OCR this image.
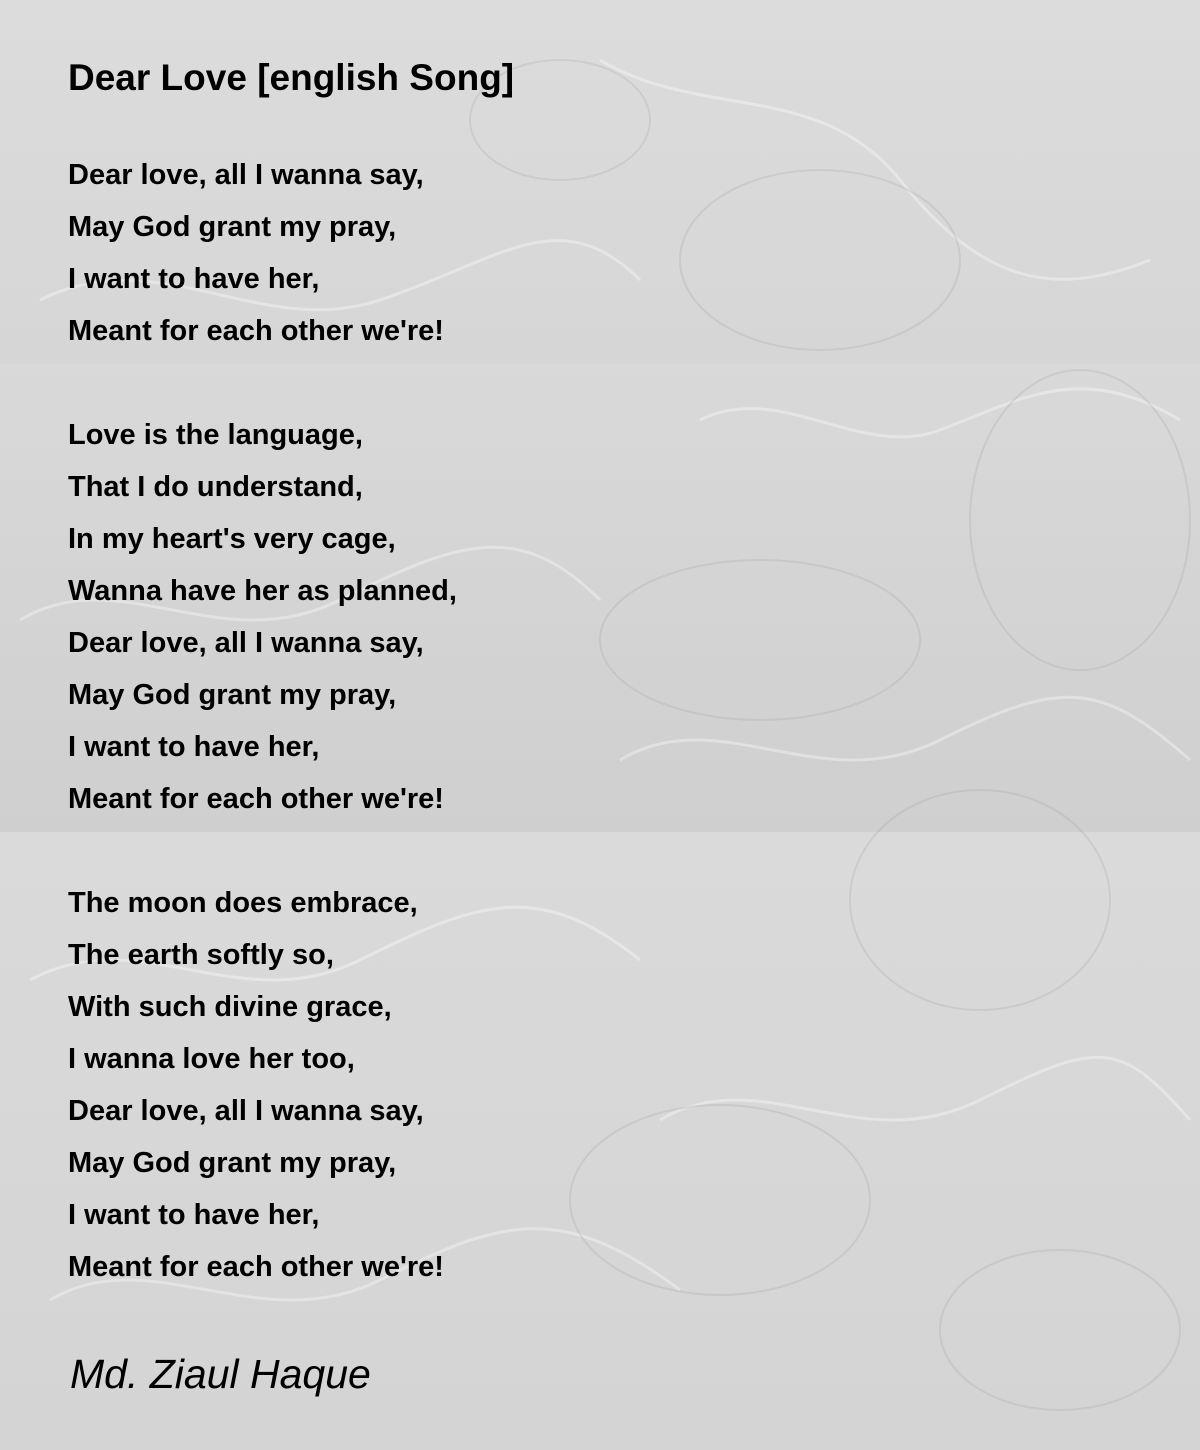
Dear Love [english Song]
Dear love, all I wanna say,
May God grant my pray,
I want to have her,
Meant for each other we're!
Love is the language,
That I do understand,
In my heart's very cage,
Wanna have her as planned,
Dear love, all I wanna say,
May God grant my pray,
I want to have her,
Meant for each other we're!
The moon does embrace,
The earth softly so,
With such divine grace,
I wanna love her too,
Dear love, all I wanna say,
May God grant my pray,
I want to have her,
Meant for each other we're!

Md. Ziaul Haque
